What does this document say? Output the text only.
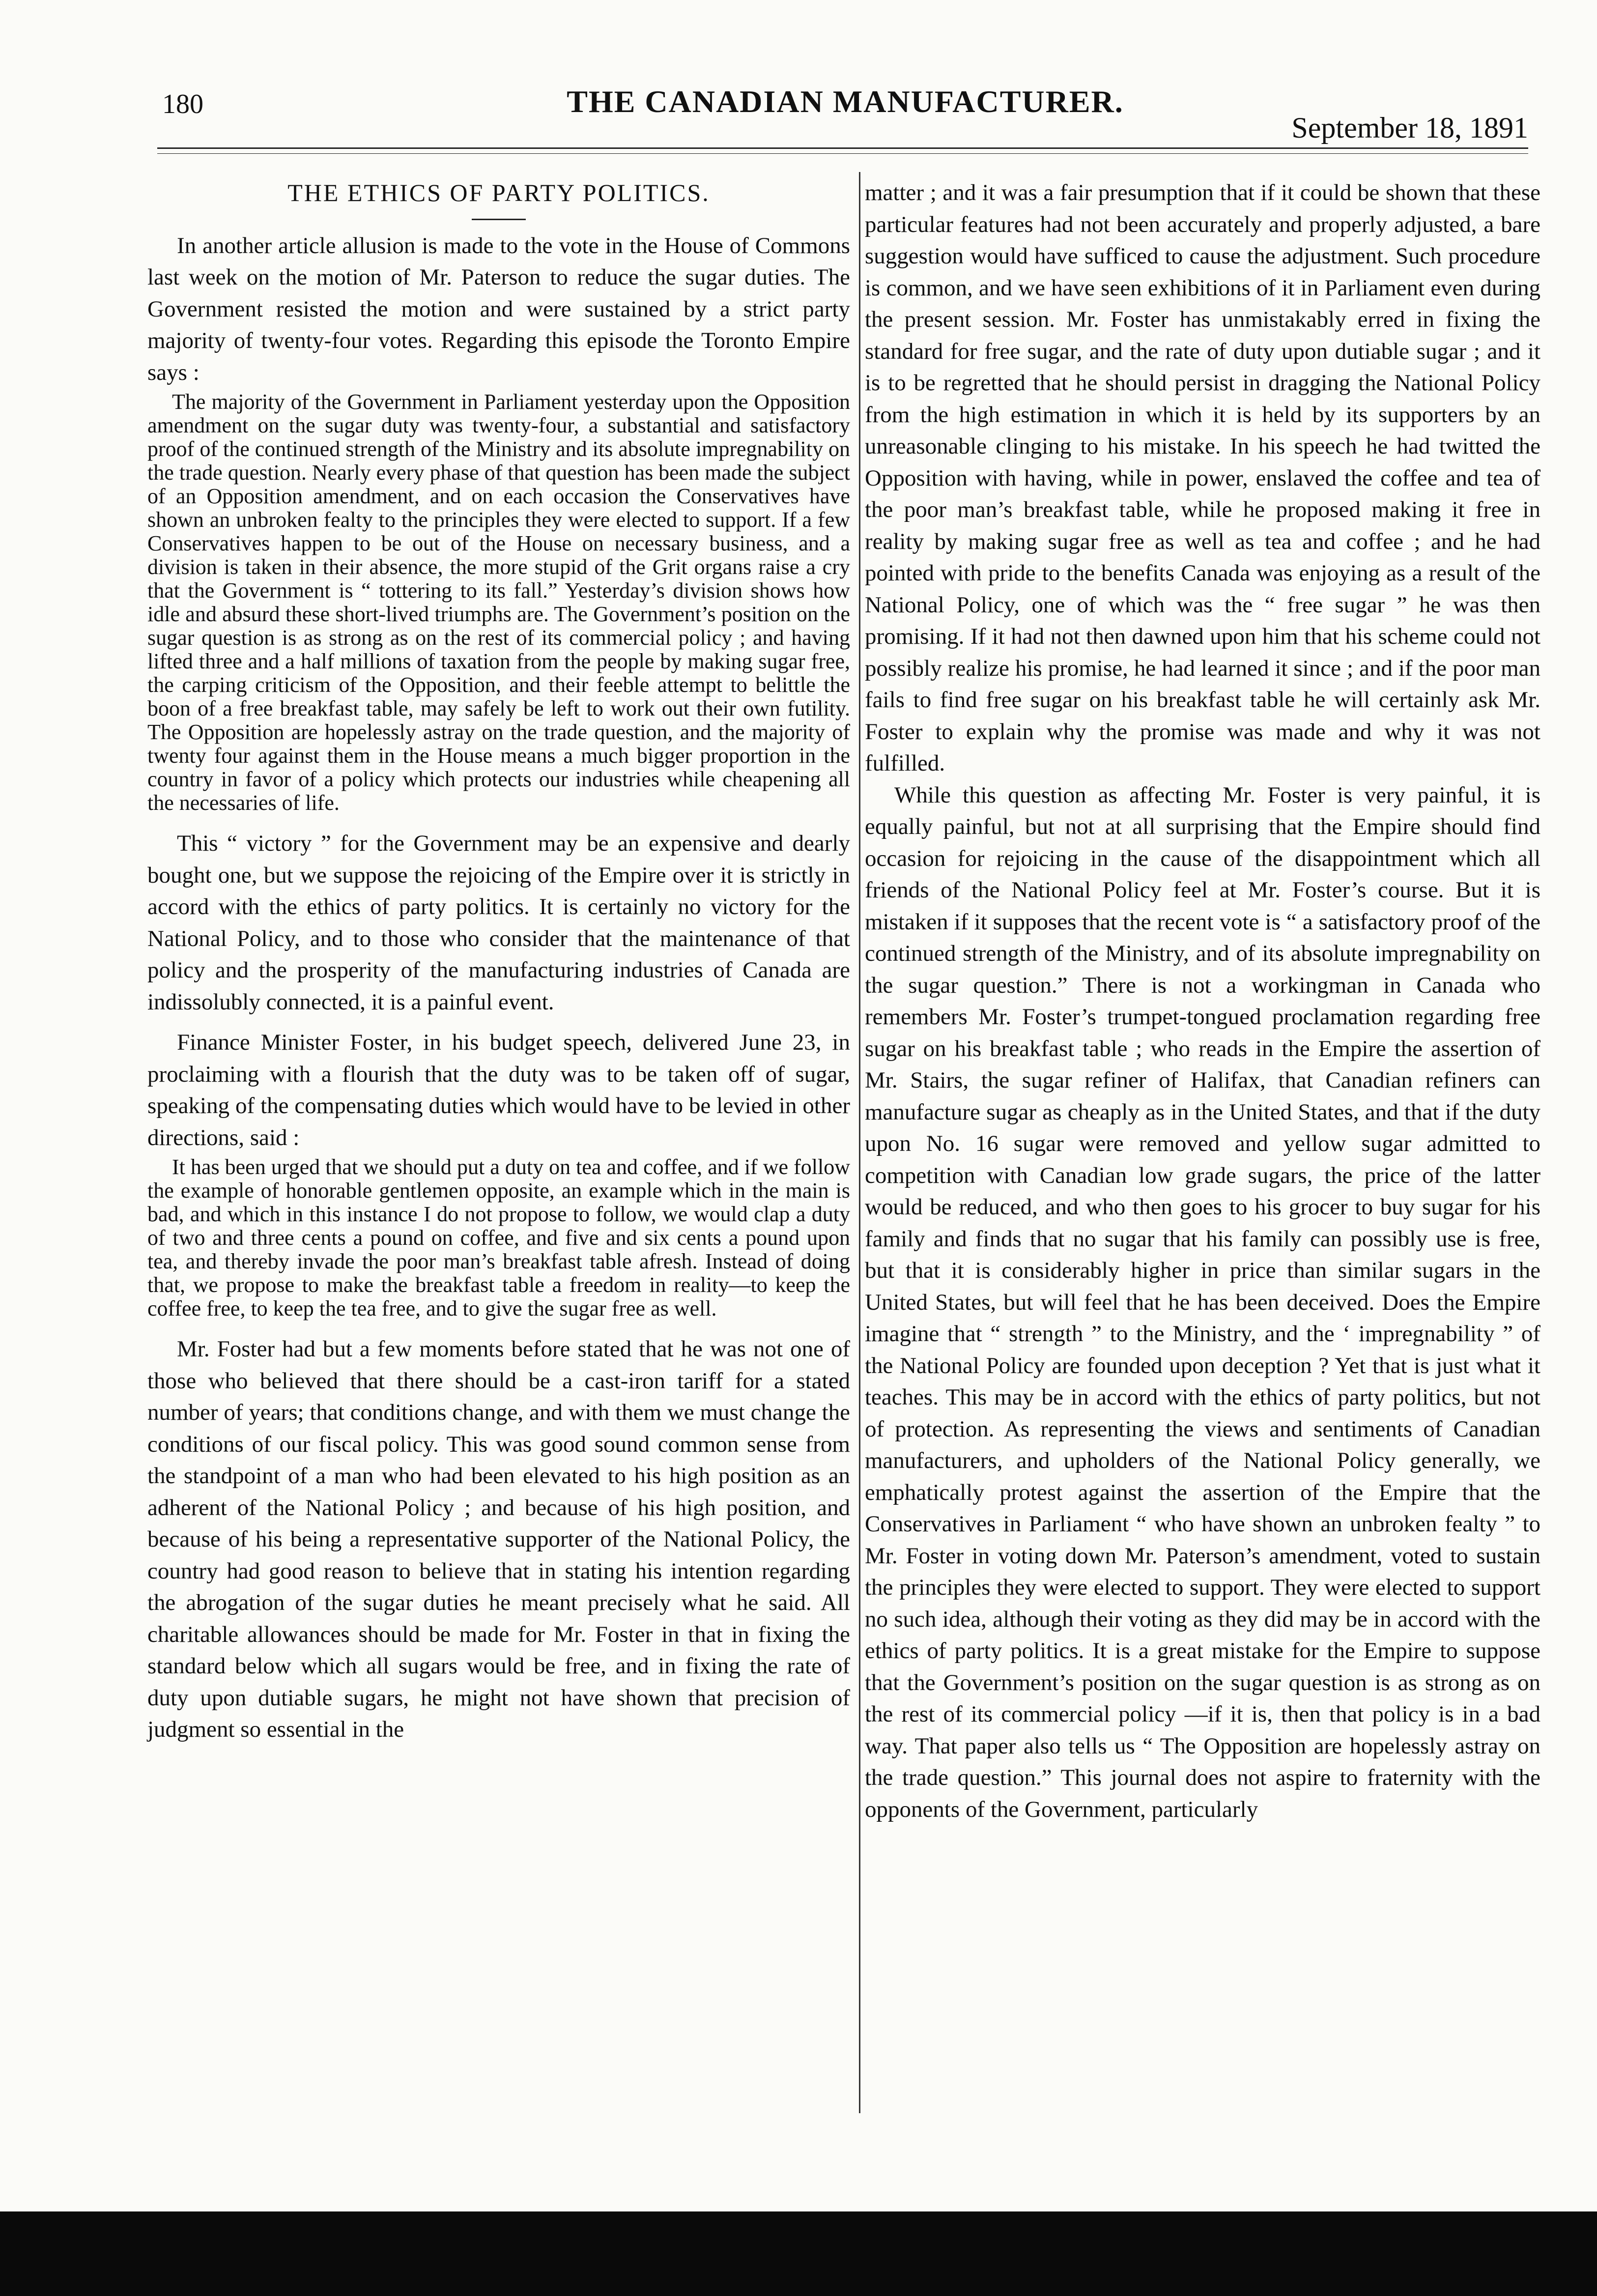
180	THE CANADIAN MANUFACTURER.
September 18, 1891
THE ETHICS OF PARTY POLITICS.

In another article allusion is made to the vote in the House of Commons last week on the motion of Mr. Paterson to reduce the sugar duties. The Government resisted the motion and were sustained by a strict party majority of twenty-four votes. Regarding this episode the Toronto Empire says :

The majority of the Government in Parliament yesterday upon the Opposition amendment on the sugar duty was twenty-four, a substantial and satisfactory proof of the continued strength of the Ministry and its absolute impregnability on the trade question. Nearly every phase of that question has been made the subject of an Opposition amendment, and on each occasion the Conservatives have shown an unbroken fealty to the principles they were elected to support. If a few Conservatives happen to be out of the House on necessary business, and a division is taken in their absence, the more stupid of the Grit organs raise a cry that the Government is “ tottering to its fall.” Yesterday’s division shows how idle and absurd these short-lived triumphs are. The Government’s position on the sugar question is as strong as on the rest of its commercial policy ; and having lifted three and a half millions of taxation from the people by making sugar free, the carping criticism of the Opposition, and their feeble attempt to belittle the boon of a free breakfast table, may safely be left to work out their own futility. The Opposition are hopelessly astray on the trade question, and the majority of twenty four against them in the House means a much bigger proportion in the country in favor of a policy which protects our industries while cheapening all the necessaries of life.

This “ victory ” for the Government may be an expensive and dearly bought one, but we suppose the rejoicing of the Empire over it is strictly in accord with the ethics of party politics. It is certainly no victory for the National Policy, and to those who consider that the maintenance of that policy and the prosperity of the manufacturing industries of Canada are indissolubly connected, it is a painful event.

Finance Minister Foster, in his budget speech, delivered June 23, in proclaiming with a flourish that the duty was to be taken off of sugar, speaking of the compensating duties which would have to be levied in other directions, said :

It has been urged that we should put a duty on tea and coffee, and if we follow the example of honorable gentlemen opposite, an example which in the main is bad, and which in this instance I do not propose to follow, we would clap a duty of two and three cents a pound on coffee, and five and six cents a pound upon tea, and thereby invade the poor man’s breakfast table afresh. Instead of doing that, we propose to make the breakfast table a freedom in reality—to keep the coffee free, to keep the tea free, and to give the sugar free as well.

Mr. Foster had but a few moments before stated that he was not one of those who believed that there should be a cast-iron tariff for a stated number of years; that conditions change, and with them we must change the conditions of our fiscal policy. This was good sound common sense from the standpoint of a man who had been elevated to his high position as an adherent of the National Policy ; and because of his high position, and because of his being a representative supporter of the National Policy, the country had good reason to believe that in stating his intention regarding the abrogation of the sugar duties he meant precisely what he said. All charitable allowances should be made for Mr. Foster in that in fixing the standard below which all sugars would be free, and in fixing the rate of duty upon dutiable sugars, he might not have shown that precision of judgment so essential in the

matter ; and it was a fair presumption that if it could be shown that these particular features had not been accurately and properly adjusted, a bare suggestion would have sufficed to cause the adjustment. Such procedure is common, and we have seen exhibitions of it in Parliament even during the present session. Mr. Foster has unmistakably erred in fixing the standard for free sugar, and the rate of duty upon dutiable sugar ; and it is to be regretted that he should persist in dragging the National Policy from the high estimation in which it is held by its supporters by an unreasonable clinging to his mistake. In his speech he had twitted the Opposition with having, while in power, enslaved the coffee and tea of the poor man’s breakfast table, while he proposed making it free in reality by making sugar free as well as tea and coffee ; and he had pointed with pride to the benefits Canada was enjoying as a result of the National Policy, one of which was the “ free sugar ” he was then promising. If it had not then dawned upon him that his scheme could not possibly realize his promise, he had learned it since ; and if the poor man fails to find free sugar on his breakfast table he will certainly ask Mr. Foster to explain why the promise was made and why it was not fulfilled.

While this question as affecting Mr. Foster is very painful, it is equally painful, but not at all surprising that the Empire should find occasion for rejoicing in the cause of the disappointment which all friends of the National Policy feel at Mr. Foster’s course. But it is mistaken if it supposes that the recent vote is “ a satisfactory proof of the continued strength of the Ministry, and of its absolute impregnability on the sugar question.” There is not a workingman in Canada who remembers Mr. Foster’s trumpet-tongued proclamation regarding free sugar on his breakfast table ; who reads in the Empire the assertion of Mr. Stairs, the sugar refiner of Halifax, that Canadian refiners can manufacture sugar as cheaply as in the United States, and that if the duty upon No. 16 sugar were removed and yellow sugar admitted to competition with Canadian low grade sugars, the price of the latter would be reduced, and who then goes to his grocer to buy sugar for his family and finds that no sugar that his family can possibly use is free, but that it is considerably higher in price than similar sugars in the United States, but will feel that he has been deceived. Does the Empire imagine that “ strength ” to the Ministry, and the ‘ impregnability ” of the National Policy are founded upon deception ? Yet that is just what it teaches. This may be in accord with the ethics of party politics, but not of protection. As representing the views and sentiments of Canadian manufacturers, and upholders of the National Policy generally, we emphatically protest against the assertion of the Empire that the Conservatives in Parliament “ who have shown an unbroken fealty ” to Mr. Foster in voting down Mr. Paterson’s amendment, voted to sustain the principles they were elected to support. They were elected to support no such idea, although their voting as they did may be in accord with the ethics of party politics. It is a great mistake for the Empire to suppose that the Government’s position on the sugar question is as strong as on the rest of its commercial policy —if it is, then that policy is in a bad way. That paper also tells us “ The Opposition are hopelessly astray on the trade question.” This journal does not aspire to fraternity with the opponents of the Government, particularly
